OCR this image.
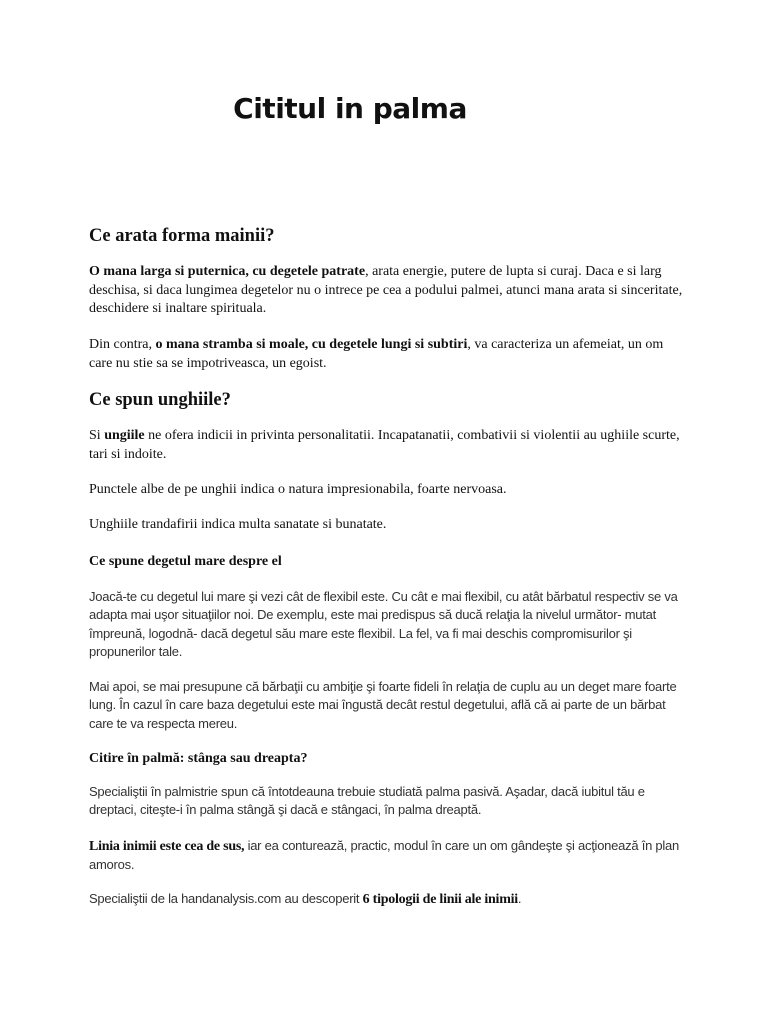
Cititul in palma
Ce arata forma mainii?

O mana larga si puternica, cu degetele patrate, arata energie, putere de lupta si curaj. Daca e si larg deschisa, si daca lungimea degetelor nu o intrece pe cea a podului palmei, atunci mana arata si sinceritate, deschidere si inaltare spirituala.

Din contra, o mana stramba si moale, cu degetele lungi si subtiri, va caracteriza un afemeiat, un om care nu stie sa se impotriveasca, un egoist.

Ce spun unghiile?

Si ungiile ne ofera indicii in privinta personalitatii. Incapatanatii, combativii si violentii au ughiile scurte, tari si indoite.

Punctele albe de pe unghii indica o natura impresionabila, foarte nervoasa.

Unghiile trandafirii indica multa sanatate si bunatate.

Ce spune degetul mare despre el

Joacă-te cu degetul lui mare şi vezi cât de flexibil este. Cu cât e mai flexibil, cu atât bărbatul respectiv se va adapta mai uşor situaţiilor noi. De exemplu, este mai predispus să ducă relaţia la nivelul următor- mutat împreună, logodnă- dacă degetul său mare este flexibil. La fel, va fi mai deschis compromisurilor şi propunerilor tale.

Mai apoi, se mai presupune că bărbaţii cu ambiţie şi foarte fideli în relaţia de cuplu au un deget mare foarte lung. În cazul în care baza degetului este mai îngustă decât restul degetului, află că ai parte de un bărbat care te va respecta mereu.

Citire în palmă: stânga sau dreapta?

Specialiştii în palmistrie spun că întotdeauna trebuie studiată palma pasivă. Aşadar, dacă iubitul tău e dreptaci, citeşte-i în palma stângă şi dacă e stângaci, în palma dreaptă.

Linia inimii este cea de sus, iar ea conturează, practic, modul în care un om gândeşte şi acţionează în plan amoros.

Specialiştii de la handanalysis.com au descoperit 6 tipologii de linii ale inimii.
